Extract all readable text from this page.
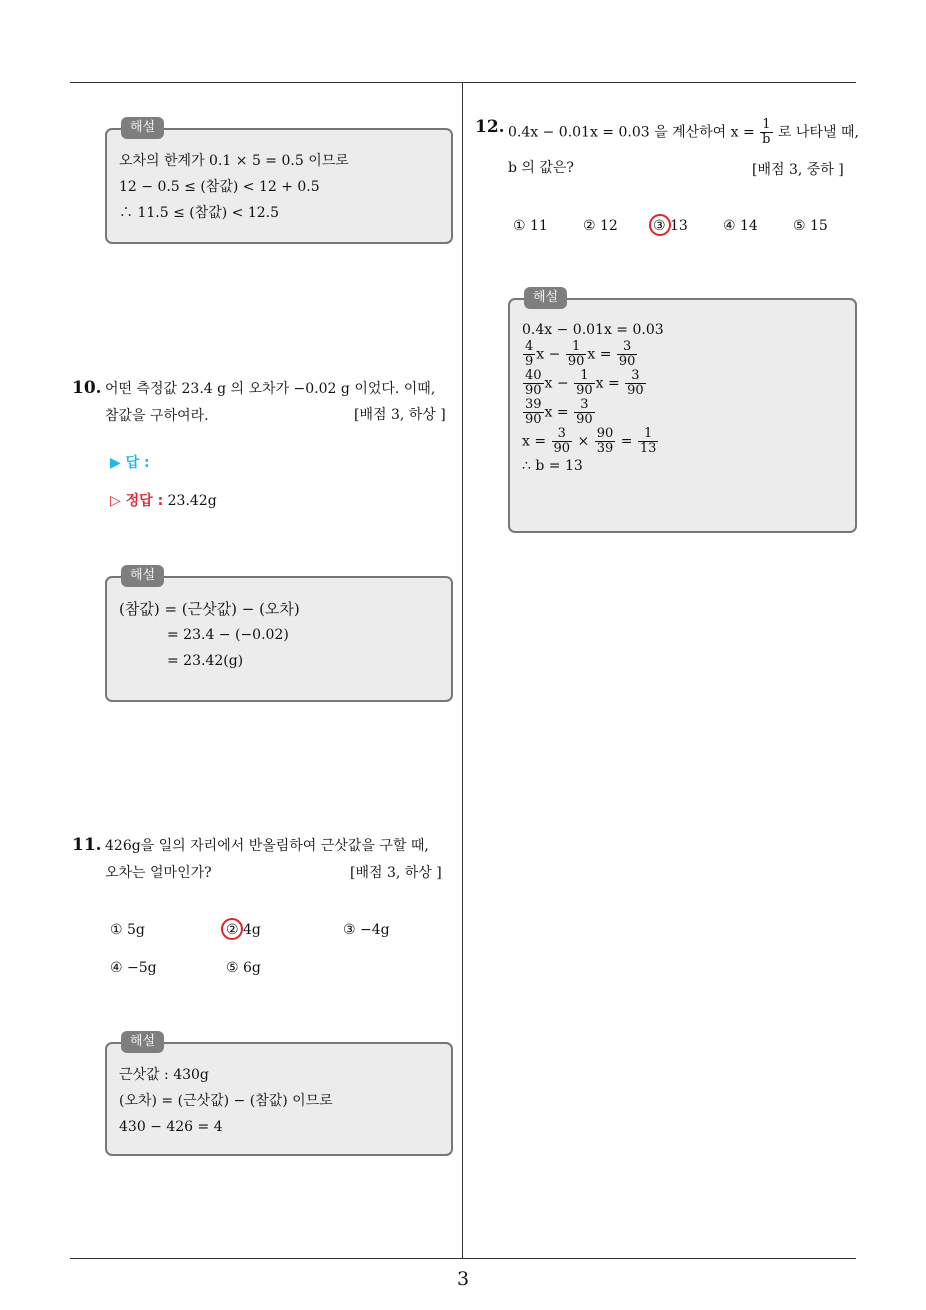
3
해설
오차의 한계가 0.1 × 5 = 0.5 이므로
12 − 0.5 ≤ (참값) < 12 + 0.5
∴ 11.5 ≤ (참값) < 12.5
10. 어떤 측정값 23.4 g 의 오차가 −0.02 g 이었다. 이때,
참값을 구하여라.	[배점 3, 하상 ]
▶ 답 :
▷ 정답 : 23.42g
해설
(참값) = (근삿값) − (오차)
= 23.4 − (−0.02)
= 23.42(g)
11. 426g을 일의 자리에서 반올림하여 근삿값을 구할 때,
오차는 얼마인가?	[배점 3, 하상 ]
① 5g	② 4g	③ −4g
④ −5g	⑤ 6g
해설
근삿값 : 430g
(오차) = (근삿값) − (참값) 이므로
430 − 426 = 4
12. 0.4x − 0.01x = 0.03 을 계산하여 $x = \frac{1}{b}$ 로 나타낼 때,
b 의 값은?	[배점 3, 중하 ]
① 11	② 12	③ 13	④ 14	⑤ 15
해설
0.4x − 0.01x = 0.03
$\frac{4}{9}$ $x - \frac{1}{90}$ $x = \frac{3}{90}$
$\frac{40}{90}$ $x - \frac{1}{90}$ $x = \frac{3}{90}$
$\frac{39}{90}$ $x = \frac{3}{90}$
$x = \frac{3}{90} \times \frac{90}{39} = \frac{1}{13}$
∴ b = 13
